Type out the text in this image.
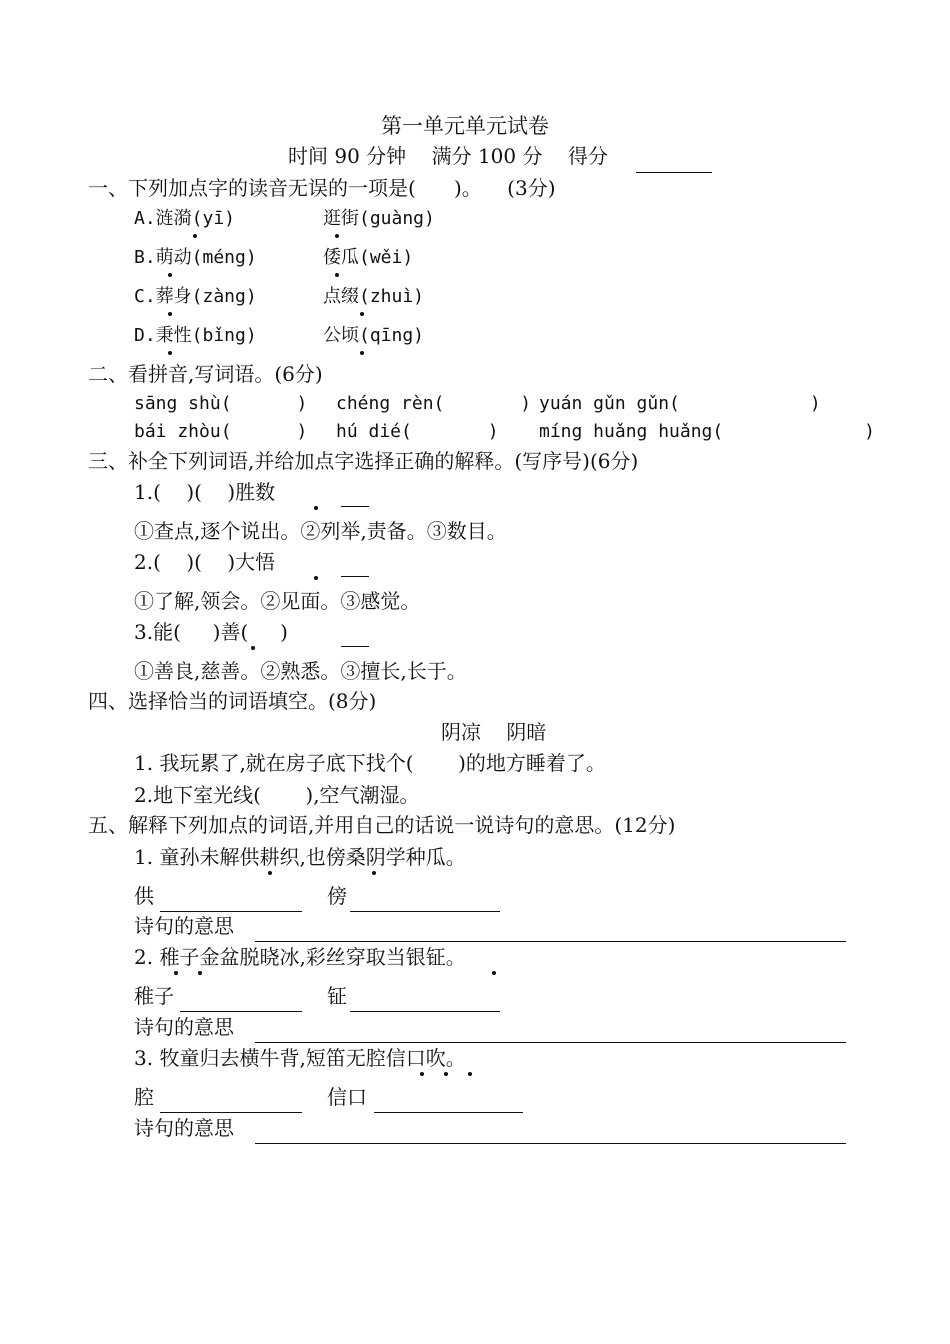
第一单元单元试卷
时间 90 分钟    满分 100 分    得分
一、下列加点字的读音无误的一项是(      )。    (3分)
A.涟漪(yī)	逛街(guàng)
B.萌动(méng)	倭瓜(wěi)
C.葬身(zàng)	点缀(zhuì)
D.秉性(bǐng)	公顷(qīng)
二、看拼音,写词语。(6分)
sāng shù(      ) chéng rèn(       ) yuán gǔn gǔn(            )
bái zhòu(      ) hú dié(       ) míng huǎng huǎng(             )
三、补全下列词语,并给加点字选择正确的解释。(写序号)(6分)
1.(    )(    )胜数
①查点,逐个说出。②列举,责备。③数目。
2.(    )(    )大悟
①了解,领会。②见面。③感觉。
3.能(     )善(     )
①善良,慈善。②熟悉。③擅长,长于。
四、选择恰当的词语填空。(8分)
阴凉    阴暗
1. 我玩累了,就在房子底下找个(       )的地方睡着了。
2.地下室光线(       ),空气潮湿。
五、解释下列加点的词语,并用自己的话说一说诗句的意思。(12分)
1. 童孙未解供耕织,也傍桑阴学种瓜。
供	傍
诗句的意思
2. 稚子金盆脱晓冰,彩丝穿取当银钲。
稚子	钲
诗句的意思
3. 牧童归去横牛背,短笛无腔信口吹。
腔	信口
诗句的意思
